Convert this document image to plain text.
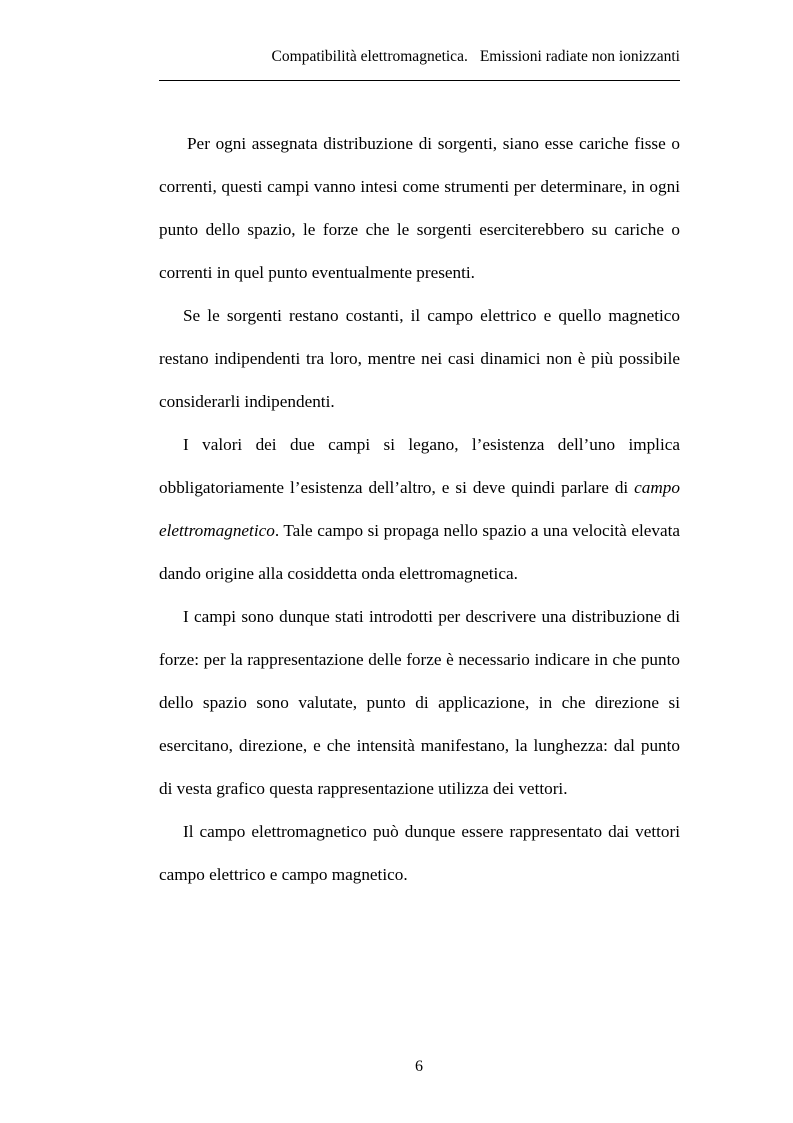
Compatibilità elettromagnetica. Emissioni radiate non ionizzanti

Per ogni assegnata distribuzione di sorgenti, siano esse cariche fisse o correnti, questi campi vanno intesi come strumenti per determinare, in ogni punto dello spazio, le forze che le sorgenti eserciterebbero su cariche o correnti in quel punto eventualmente presenti.

Se le sorgenti restano costanti, il campo elettrico e quello magnetico restano indipendenti tra loro, mentre nei casi dinamici non è più possibile considerarli indipendenti.

I valori dei due campi si legano, l’esistenza dell’uno implica obbligatoriamente l’esistenza dell’altro, e si deve quindi parlare di campo elettromagnetico. Tale campo si propaga nello spazio a una velocità elevata dando origine alla cosiddetta onda elettromagnetica.

I campi sono dunque stati introdotti per descrivere una distribuzione di forze: per la rappresentazione delle forze è necessario indicare in che punto dello spazio sono valutate, punto di applicazione, in che direzione si esercitano, direzione, e che intensità manifestano, la lunghezza: dal punto di vesta grafico questa rappresentazione utilizza dei vettori.

Il campo elettromagnetico può dunque essere rappresentato dai vettori campo elettrico e campo magnetico.

6
